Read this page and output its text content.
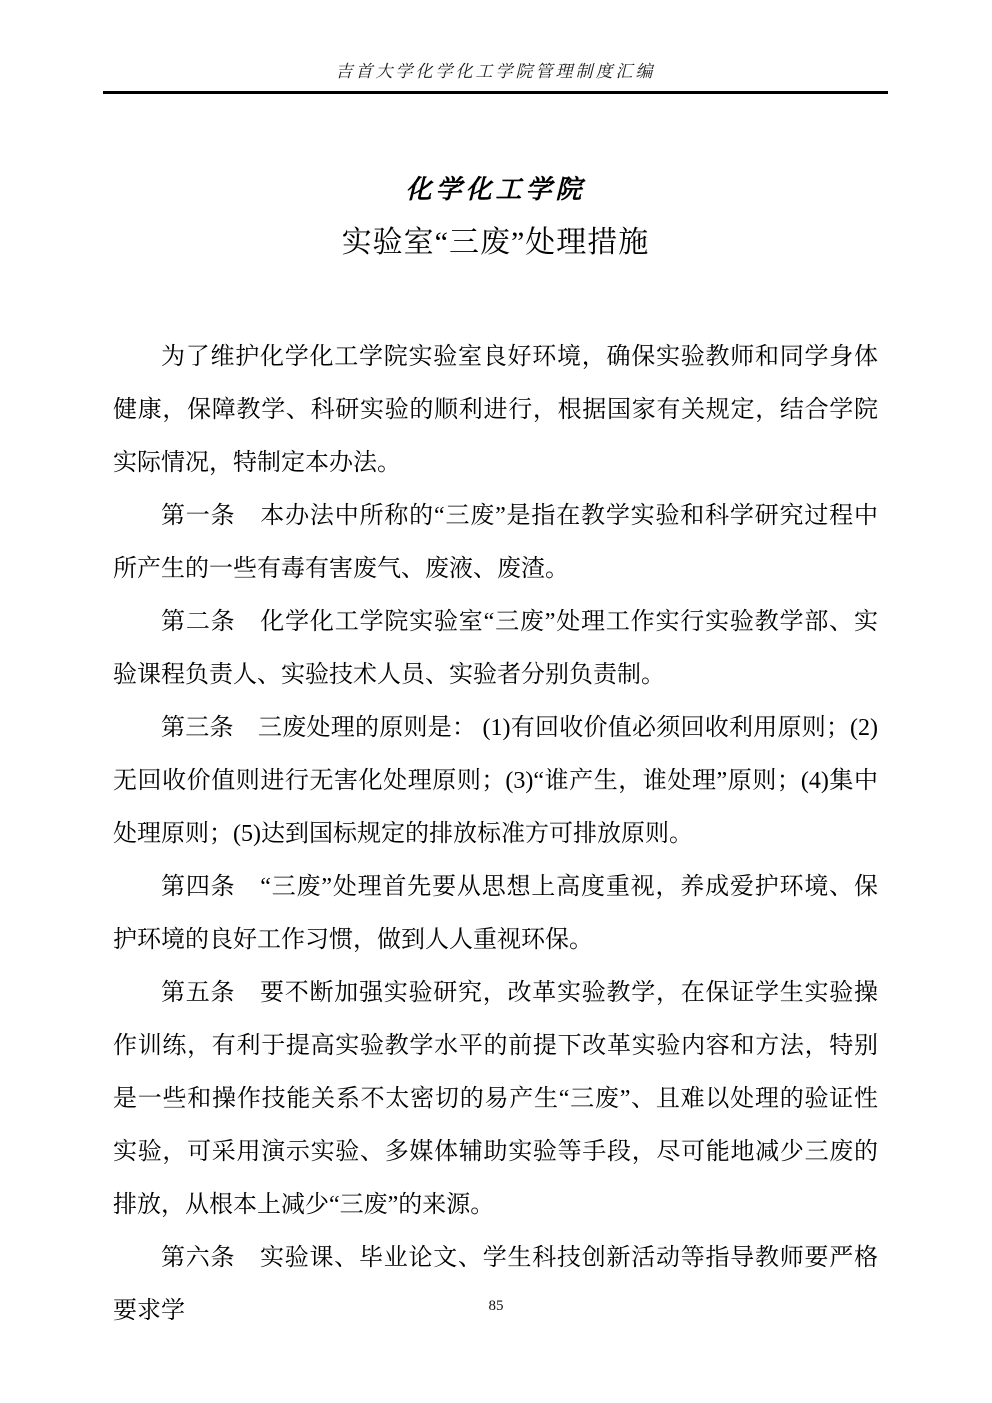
吉首大学化学化工学院管理制度汇编
化学化工学院
实验室“三废”处理措施

为了维护化学化工学院实验室良好环境，确保实验教师和同学身体健康，保障教学、科研实验的顺利进行，根据国家有关规定，结合学院实际情况，特制定本办法。

第一条　本办法中所称的“三废”是指在教学实验和科学研究过程中所产生的一些有毒有害废气、废液、废渣。

第二条　化学化工学院实验室“三废”处理工作实行实验教学部、实验课程负责人、实验技术人员、实验者分别负责制。

第三条　三废处理的原则是： (1)有回收价值必须回收利用原则；(2)无回收价值则进行无害化处理原则；(3)“谁产生，谁处理”原则；(4)集中处理原则；(5)达到国标规定的排放标准方可排放原则。

第四条　“三废”处理首先要从思想上高度重视，养成爱护环境、保护环境的良好工作习惯，做到人人重视环保。

第五条　要不断加强实验研究，改革实验教学，在保证学生实验操作训练，有利于提高实验教学水平的前提下改革实验内容和方法，特别是一些和操作技能关系不太密切的易产生“三废”、且难以处理的验证性实验，可采用演示实验、多媒体辅助实验等手段，尽可能地减少三废的排放，从根本上减少“三废”的来源。

第六条　实验课、毕业论文、学生科技创新活动等指导教师要严格要求学	85
